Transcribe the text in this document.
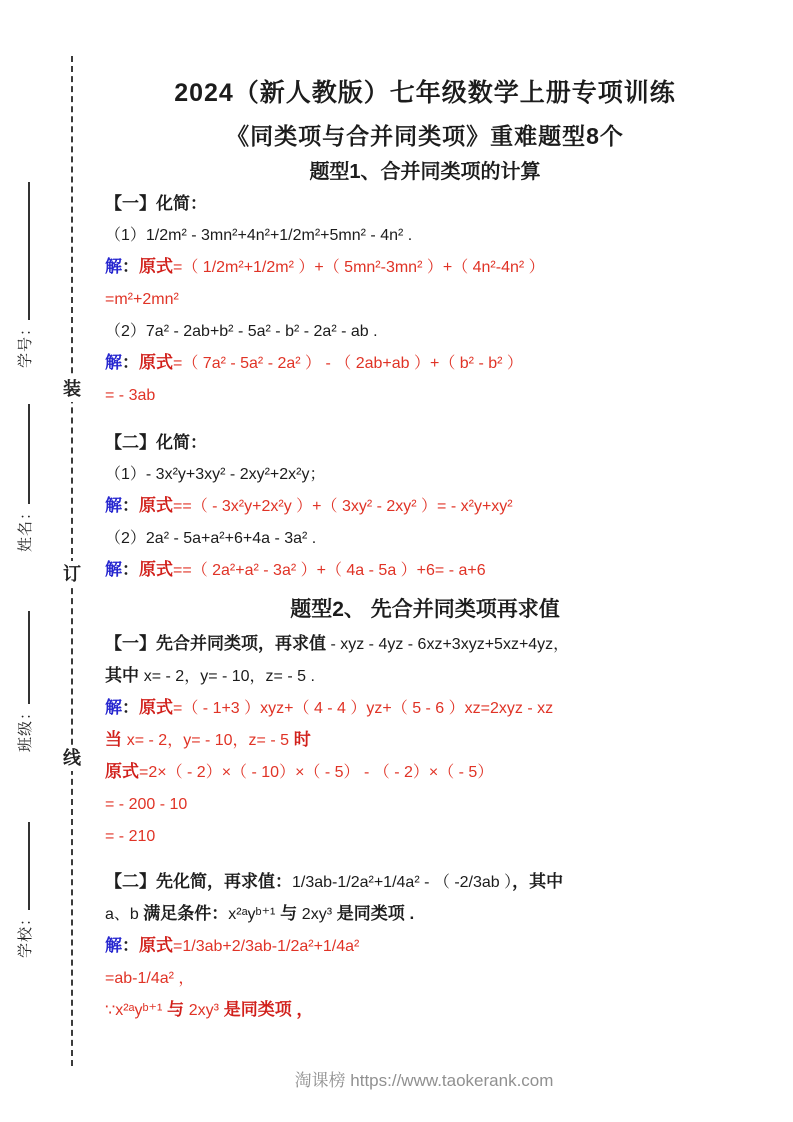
装
订
线
学号：
姓名：
班级：
学校：
2024（新人教版）七年级数学上册专项训练
《同类项与合并同类项》重难题型8个
题型1、合并同类项的计算
【一】化简：
（1）1/2m² - 3mn²+4n²+1/2m²+5mn² - 4n² .
解：原式=（ 1/2m²+1/2m² ）+（ 5mn²-3mn² ）+（ 4n²-4n² ）
=m²+2mn²
（2）7a² - 2ab+b² - 5a² - b² - 2a² - ab .
解：原式=（ 7a² - 5a² - 2a² ） - （ 2ab+ab ）+（ b² - b² ）
= - 3ab
【二】化简：
（1）- 3x²y+3xy² - 2xy²+2x²y；
解：原式==（ - 3x²y+2x²y ）+（ 3xy² - 2xy² ）= - x²y+xy²
（2）2a² - 5a+a²+6+4a - 3a² .
解：原式==（ 2a²+a² - 3a² ）+（ 4a - 5a ）+6= - a+6
题型2、 先合并同类项再求值
【一】先合并同类项，再求值 - xyz - 4yz - 6xz+3xyz+5xz+4yz，
其中 x= - 2，y= - 10，z= - 5 .
解：原式=（ - 1+3 ）xyz+（ 4 - 4 ）yz+（ 5 - 6 ）xz=2xyz - xz
当 x= - 2，y= - 10，z= - 5 时
原式=2×（ - 2）×（ - 10）×（ - 5） - （ - 2）×（ - 5）
= - 200 - 10
= - 210
【二】先化简，再求值：1/3ab-1/2a²+1/4a² - （ -2/3ab ），其中
a、b 满足条件：x²ᵃyᵇ⁺¹ 与 2xy³ 是同类项 .
解：原式=1/3ab+2/3ab-1/2a²+1/4a²
=ab-1/4a² ，
∵x²ᵃyᵇ⁺¹ 与 2xy³ 是同类项 ，
淘课榜 https://www.taokerank.com
